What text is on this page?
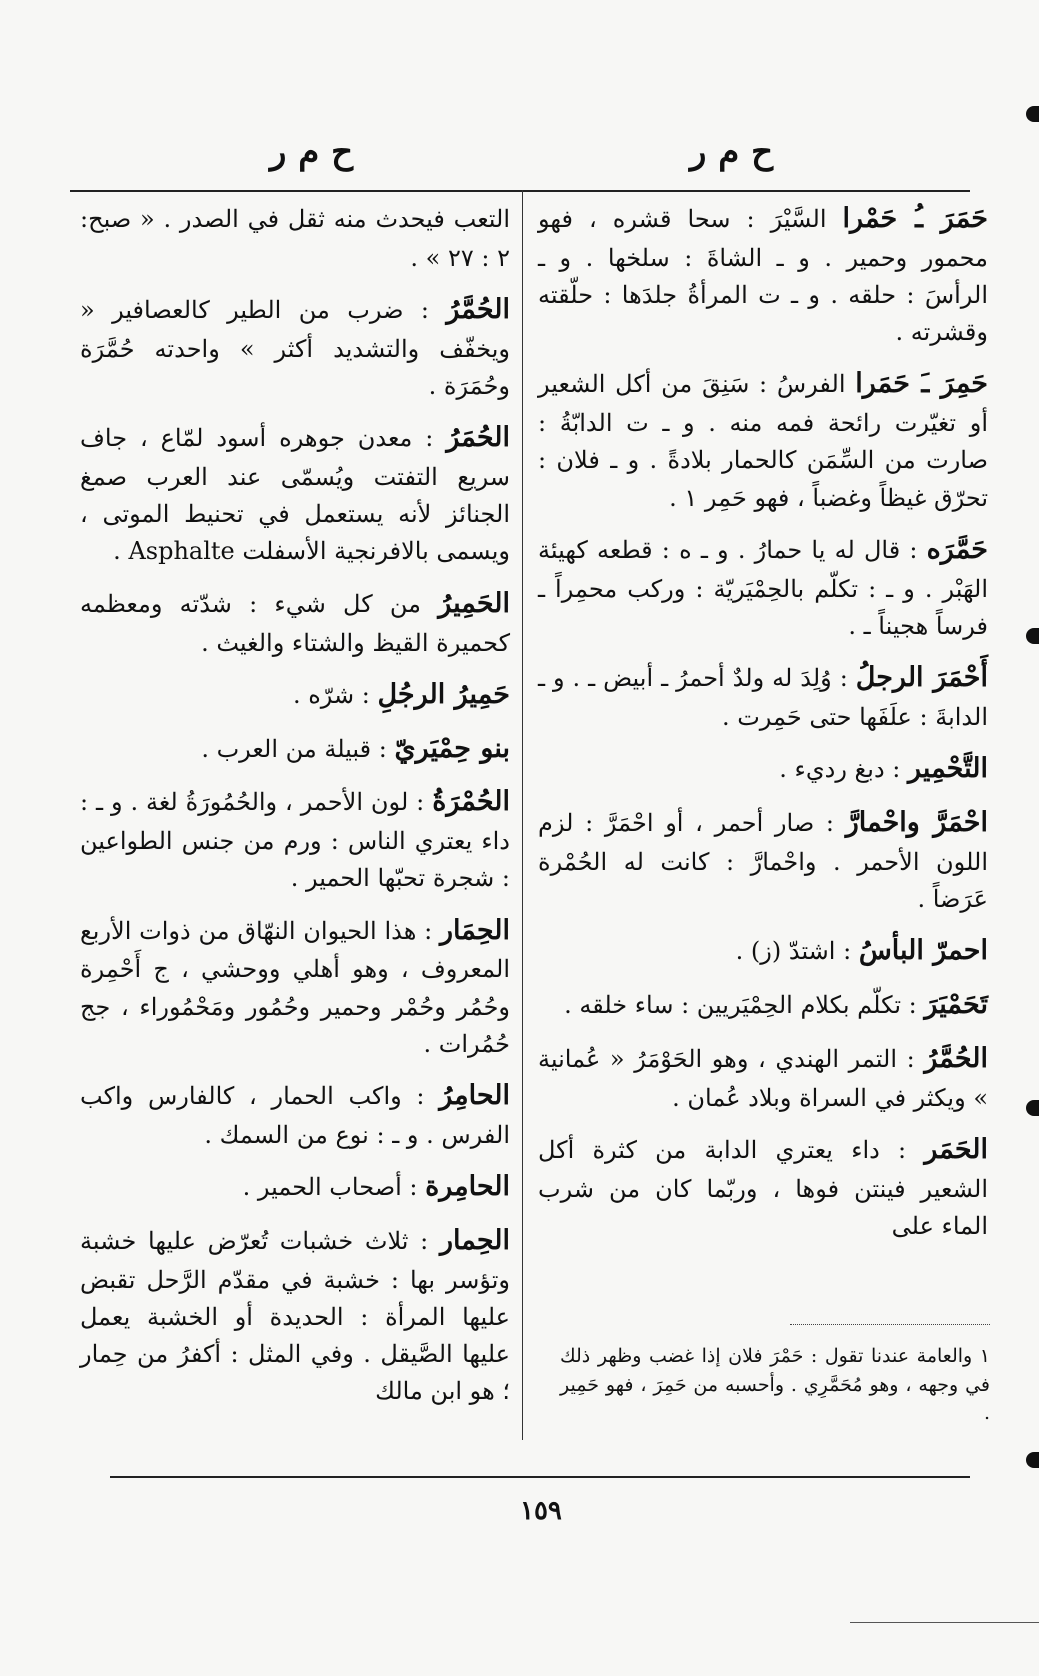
ح م ر
ح م ر

حَمَرَ ـُ حَمْرا السَّيْرَ : سحا قشره ، فهو محمور وحمير . و ـ الشاةَ : سلخها . و ـ الرأسَ : حلقه . و ـ ت المرأةُ جلدَها : حلّقته وقشرته .

حَمِرَ ـَ حَمَرا الفرسُ : سَنِقَ من أكل الشعير أو تغيّرت رائحة فمه منه . و ـ ت الدابّةُ : صارت من السِّمَن كالحمار بلادةً . و ـ فلان : تحرّق غيظاً وغضباً ، فهو حَمِر ١ .

حَمَّرَه : قال له يا حمارُ . و ـ ه : قطعه كهيئة الهَبْر . و ـ : تكلّم بالحِمْيَريّة : وركب محمِراً ـ فرساً هجيناً ـ .

أَحْمَرَ الرجلُ : وُلِدَ له ولدٌ أحمرُ ـ أبيض ـ . و ـ الدابةَ : علَفَها حتى حَمِرت .

التَّحْمِير : دبغ رديء .

احْمَرَّ واحْمارَّ : صار أحمر ، أو احْمَرَّ : لزم اللون الأحمر . واحْمارَّ : كانت له الحُمْرة عَرَضاً .

احمرّ البأسُ : اشتدّ (ز) .

تَحَمْيَرَ : تكلّم بكلام الحِمْيَريين : ساء خلقه .

الحُمَّرُ : التمر الهندي ، وهو الحَوْمَرُ « عُمانية » ويكثر في السراة وبلاد عُمان .

الحَمَر : داء يعتري الدابة من كثرة أكل الشعير فينتن فوها ، وربّما كان من شرب الماء على

التعب فيحدث منه ثقل في الصدر . « صبح: ٢ : ٢٧ » .

الحُمَّرُ : ضرب من الطير كالعصافير « ويخفّف والتشديد أكثر » واحدته حُمَّرَة وحُمَرَة .

الحُمَرُ : معدن جوهره أسود لمّاع ، جاف سريع التفتت ويُسمّى عند العرب صمغ الجنائز لأنه يستعمل في تحنيط الموتى ، ويسمى بالافرنجية الأسفلت Asphalte .

الحَمِيرُ من كل شيء : شدّته ومعظمه كحميرة القيظ والشتاء والغيث .

حَمِيرُ الرجُلِ : شرّه .

بنو حِمْيَريّ : قبيلة من العرب .

الحُمْرَةُ : لون الأحمر ، والحُمُورَةُ لغة . و ـ : داء يعتري الناس : ورم من جنس الطواعين : شجرة تحبّها الحمير .

الحِمَار : هذا الحيوان النهّاق من ذوات الأربع المعروف ، وهو أهلي ووحشي ، ج أَحْمِرة وحُمُر وحُمْر وحمير وحُمُور ومَحْمُوراء ، جج حُمُرات .

الحامِرُ : واكب الحمار ، كالفارس واكب الفرس . و ـ : نوع من السمك .

الحامِرة : أصحاب الحمير .

الحِمار : ثلاث خشبات تُعرّض عليها خشبة وتؤسر بها : خشبة في مقدّم الرَّحل تقبض عليها المرأة : الحديدة أو الخشبة يعمل عليها الصَّيقل . وفي المثل : أكفرُ من حِمار ؛ هو ابن مالك

١ والعامة عندنا تقول : حَمْرَ فلان إذا غضب وظهر ذلك في وجهه ، وهو مُحَمَّرِي . وأحسبه من حَمِرَ ، فهو حَمِير .
١٥٩
